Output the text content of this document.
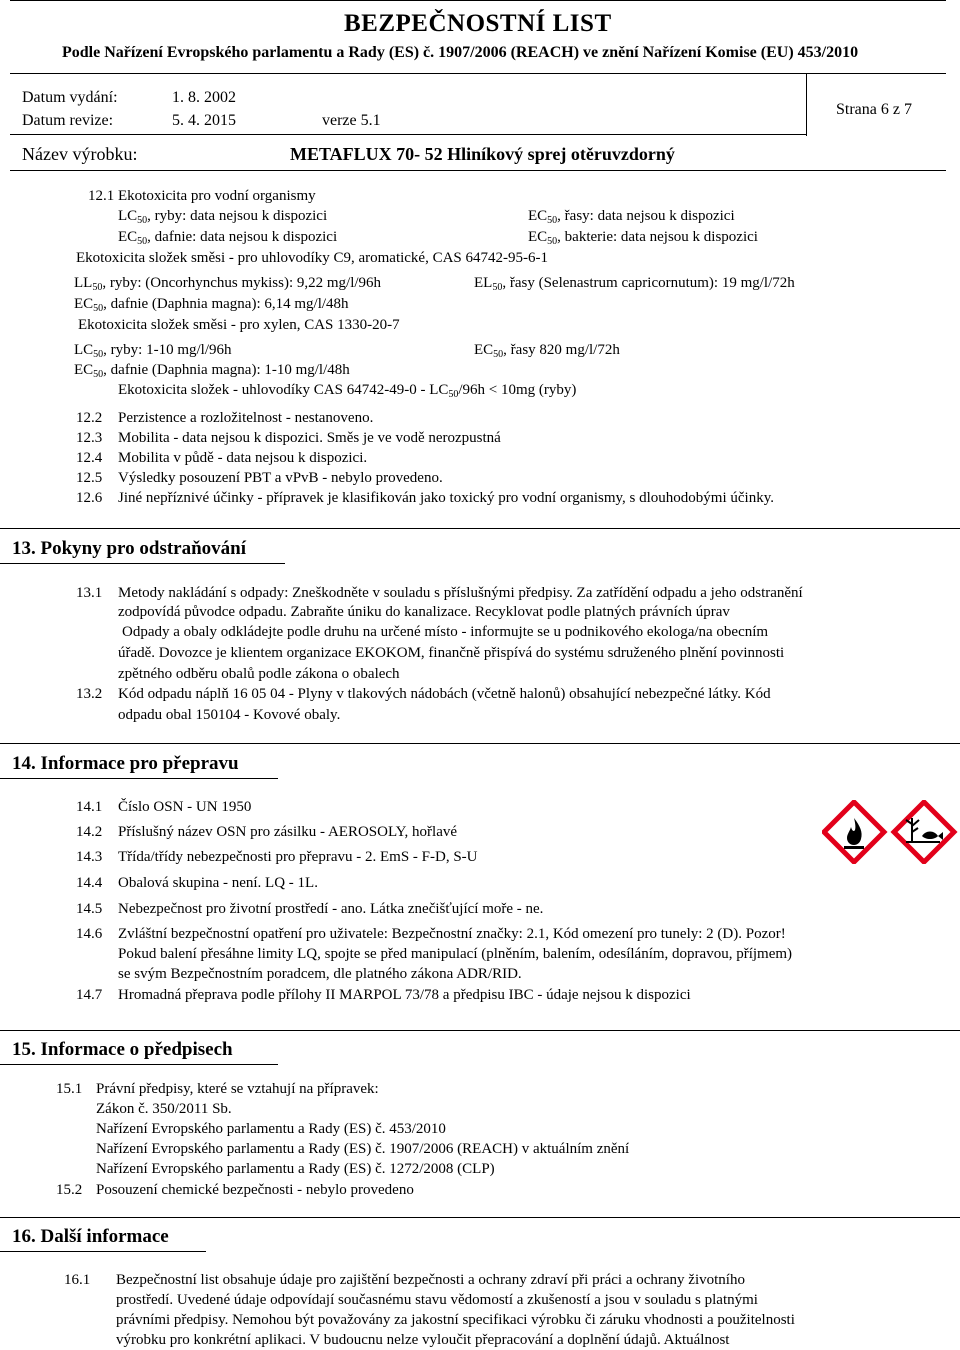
BEZPEČNOSTNÍ LIST
Podle Nařízení Evropského parlamentu a Rady (ES) č. 1907/2006 (REACH) ve znění Nařízení Komise (EU) 453/2010
Datum vydání:	1. 8. 2002
Datum revize:	5. 4. 2015	verze 5.1
Strana 6 z 7
Název výrobku:	METAFLUX 70- 52 Hliníkový sprej otěruvzdorný
12.1 Ekotoxicita pro vodní organismy
$LC_{50}$, ryby: data nejsou k dispozici	$EC_{50}$, řasy: data nejsou k dispozici
$EC_{50}$, dafnie: data nejsou k dispozici	$EC_{50}$, bakterie: data nejsou k dispozici
Ekotoxicita složek směsi - pro uhlovodíky C9, aromatické, CAS 64742-95-6-1
$LL_{50}$, ryby: (Oncorhynchus mykiss): 9,22 mg/l/96h	$EL_{50}$, řasy (Selenastrum capricornutum): 19 mg/l/72h
$EC_{50}$, dafnie (Daphnia magna): 6,14 mg/l/48h
Ekotoxicita složek směsi - pro xylen, CAS 1330-20-7
$LC_{50}$, ryby: 1-10 mg/l/96h	$EC_{50}$, řasy 820 mg/l/72h
$EC_{50}$, dafnie (Daphnia magna): 1-10 mg/l/48h
Ekotoxicita složek - uhlovodíky CAS $64742-49-0 - LC_{50}/96h < 10mg$ (ryby)
12.2 Perzistence a rozložitelnost - nestanoveno.
12.3 Mobilita - data nejsou k dispozici. Směs je ve vodě nerozpustná
12.4 Mobilita v půdě - data nejsou k dispozici.
12.5 Výsledky posouzení PBT a vPvB - nebylo provedeno.
12.6 Jiné nepříznivé účinky - přípravek je klasifikován jako toxický pro vodní organismy, s dlouhodobými účinky.
13. Pokyny pro odstraňování
13.1 Metody nakládání s odpady: Zneškodněte v souladu s příslušnými předpisy. Za zatřídění odpadu a jeho odstranění
zodpovídá původce odpadu. Zabraňte úniku do kanalizace. Recyklovat podle platných právních úprav
Odpady a obaly odkládejte podle druhu na určené místo - informujte se u podnikového ekologa/na obecním
úřadě. Dovozce je klientem organizace EKOKOM, finančně přispívá do systému sdruženého plnění povinnosti
zpětného odběru obalů podle zákona o obalech
13.2 Kód odpadu náplň 16 05 04 - Plyny v tlakových nádobách (včetně halonů) obsahující nebezpečné látky. Kód
odpadu obal 150104 - Kovové obaly.
14. Informace pro přepravu
14.1 Číslo OSN - UN 1950
14.2 Příslušný název OSN pro zásilku - AEROSOLY, hořlavé
14.3 Třída/třídy nebezpečnosti pro přepravu - 2. EmS - F-D, S-U
14.4 Obalová skupina - není. LQ - 1L.
14.5 Nebezpečnost pro životní prostředí - ano. Látka znečišťující moře - ne.
14.6 Zvláštní bezpečnostní opatření pro uživatele: Bezpečnostní značky: 2.1, Kód omezení pro tunely: 2 (D). Pozor!
Pokud balení přesáhne limity LQ, spojte se před manipulací (plněním, balením, odesíláním, dopravou, příjmem)
se svým Bezpečnostním poradcem, dle platného zákona ADR/RID.
14.7 Hromadná přeprava podle přílohy II MARPOL 73/78 a předpisu IBC - údaje nejsou k dispozici
15. Informace o předpisech
15.1 Právní předpisy, které se vztahují na přípravek:
Zákon č. 350/2011 Sb.
Nařízení Evropského parlamentu a Rady (ES) č. 453/2010
Nařízení Evropského parlamentu a Rady (ES) č. 1907/2006 (REACH) v aktuálním znění
Nařízení Evropského parlamentu a Rady (ES) č. 1272/2008 (CLP)
15.2 Posouzení chemické bezpečnosti - nebylo provedeno
16. Další informace
16.1 Bezpečnostní list obsahuje údaje pro zajištění bezpečnosti a ochrany zdraví při práci a ochrany životního
prostředí. Uvedené údaje odpovídají současnému stavu vědomostí a zkušeností a jsou v souladu s platnými
právními předpisy. Nemohou být považovány za jakostní specifikaci výrobku či záruku vhodnosti a použitelnosti
výrobku pro konkrétní aplikaci. V budoucnu nelze vyloučit přepracování a doplnění údajů. Aktuálnost
